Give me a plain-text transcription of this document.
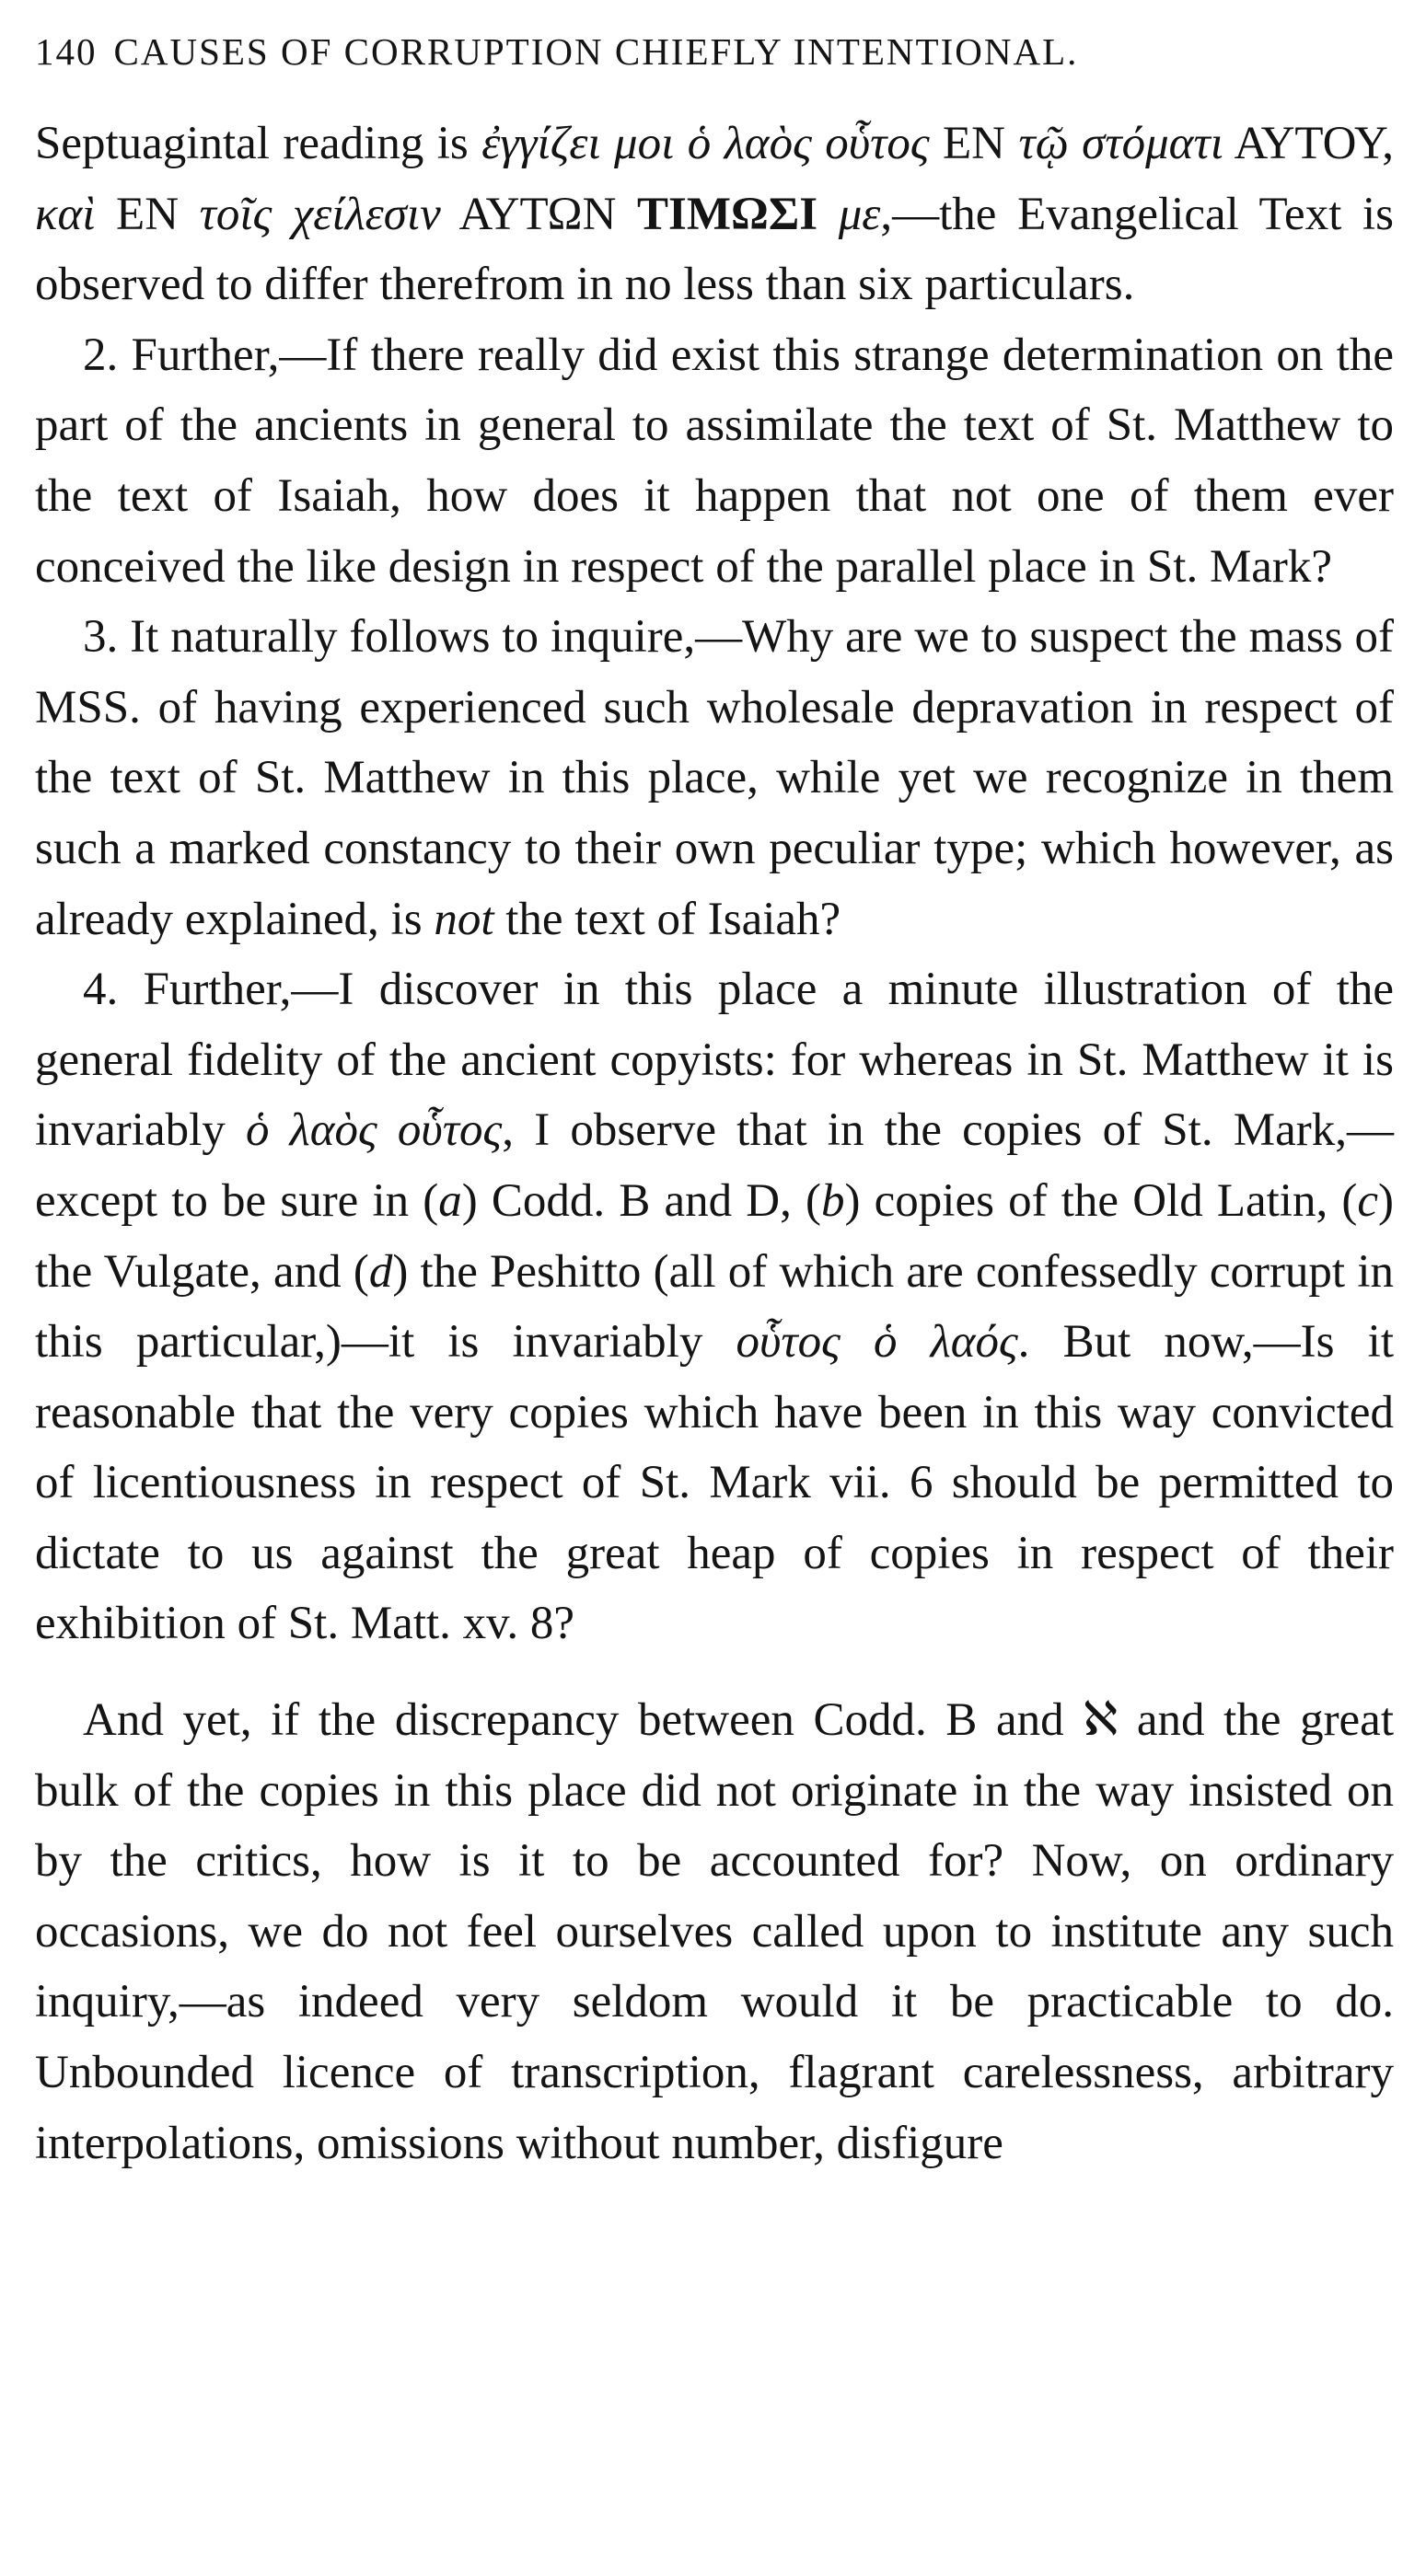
140 CAUSES OF CORRUPTION CHIEFLY INTENTIONAL.

Septuagintal reading is ἐγγίζει μοι ὁ λαὸς οὗτος EN τῷ στόματι ΑΥΤΟΥ, καὶ EN τοῖς χείλεσιν ΑΥΤΩΝ ΤΙΜΩΣΙ με,—the Evangelical Text is observed to differ therefrom in no less than six particulars.

2. Further,—If there really did exist this strange determination on the part of the ancients in general to assimilate the text of St. Matthew to the text of Isaiah, how does it happen that not one of them ever conceived the like design in respect of the parallel place in St. Mark?

3. It naturally follows to inquire,—Why are we to suspect the mass of MSS. of having experienced such wholesale depravation in respect of the text of St. Matthew in this place, while yet we recognize in them such a marked constancy to their own peculiar type; which however, as already explained, is not the text of Isaiah?

4. Further,—I discover in this place a minute illustration of the general fidelity of the ancient copyists: for whereas in St. Matthew it is invariably ὁ λαὸς οὗτος, I observe that in the copies of St. Mark,—except to be sure in (a) Codd. B and D, (b) copies of the Old Latin, (c) the Vulgate, and (d) the Peshitto (all of which are confessedly corrupt in this particular,)—it is invariably οὗτος ὁ λαός. But now,—Is it reasonable that the very copies which have been in this way convicted of licentiousness in respect of St. Mark vii. 6 should be permitted to dictate to us against the great heap of copies in respect of their exhibition of St. Matt. xv. 8?

And yet, if the discrepancy between Codd. B and ℵ and the great bulk of the copies in this place did not originate in the way insisted on by the critics, how is it to be accounted for? Now, on ordinary occasions, we do not feel ourselves called upon to institute any such inquiry,—as indeed very seldom would it be practicable to do. Unbounded licence of transcription, flagrant carelessness, arbitrary interpolations, omissions without number, disfigure
